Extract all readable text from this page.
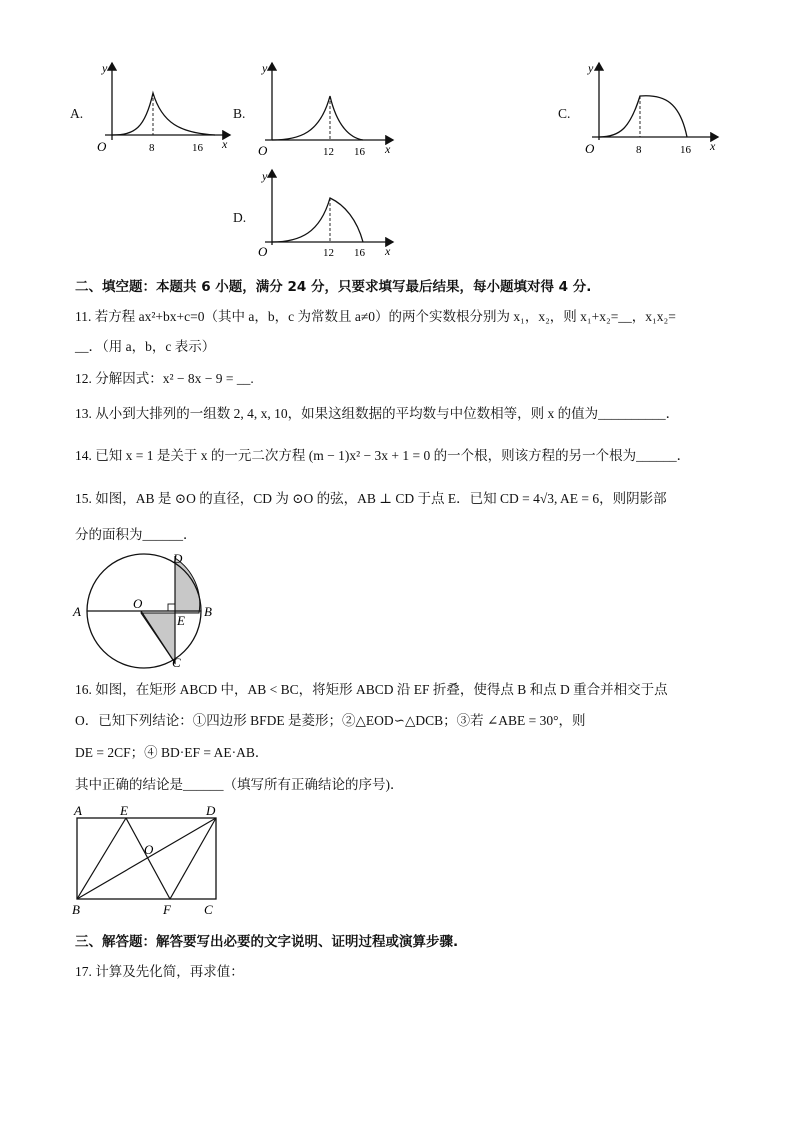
A.
y
O	8	16 x
B.
y
O	12 16 x
C.
y
O	8	16 x
D.
y
O	12 16 x
二、填空题：本题共 6 小题，满分 24 分，只要求填写最后结果，每小题填对得 4 分.
11. 若方程 ax²+bx+c=0（其中 a，b，c 为常数且 a≠0）的两个实数根分别为 x₁，x₂，则 x₁+x₂=__，x₁x₂=
__．（用 a，b，c 表示）
12. 分解因式：x² − 8x − 9 = __.
13. 从小到大排列的一组数 2, 4, x, 10，如果这组数据的平均数与中位数相等，则 x 的值为__________．
14. 已知 x = 1 是关于 x 的一元二次方程 (m − 1)x² − 3x + 1 = 0 的一个根，则该方程的另一个根为______．
15. 如图，AB 是 ⊙O 的直径，CD 为 ⊙O 的弦，AB ⊥ CD 于点 E．已知 CD = 4√3, AE = 6，则阴影部
分的面积为______．
A	B
C
D
E
O
16. 如图，在矩形 ABCD 中，AB < BC，将矩形 ABCD 沿 EF 折叠，使得点 B 和点 D 重合并相交于点
O．已知下列结论：①四边形 BFDE 是菱形；②△EOD∽△DCB；③若 ∠ABE = 30°，则
DE = 2CF；④ BD·EF = AE·AB．
其中正确的结论是______（填写所有正确结论的序号)．
A	E	D
O
B	F	C
三、解答题：解答要写出必要的文字说明、证明过程或演算步骤.
17. 计算及先化简，再求值：
